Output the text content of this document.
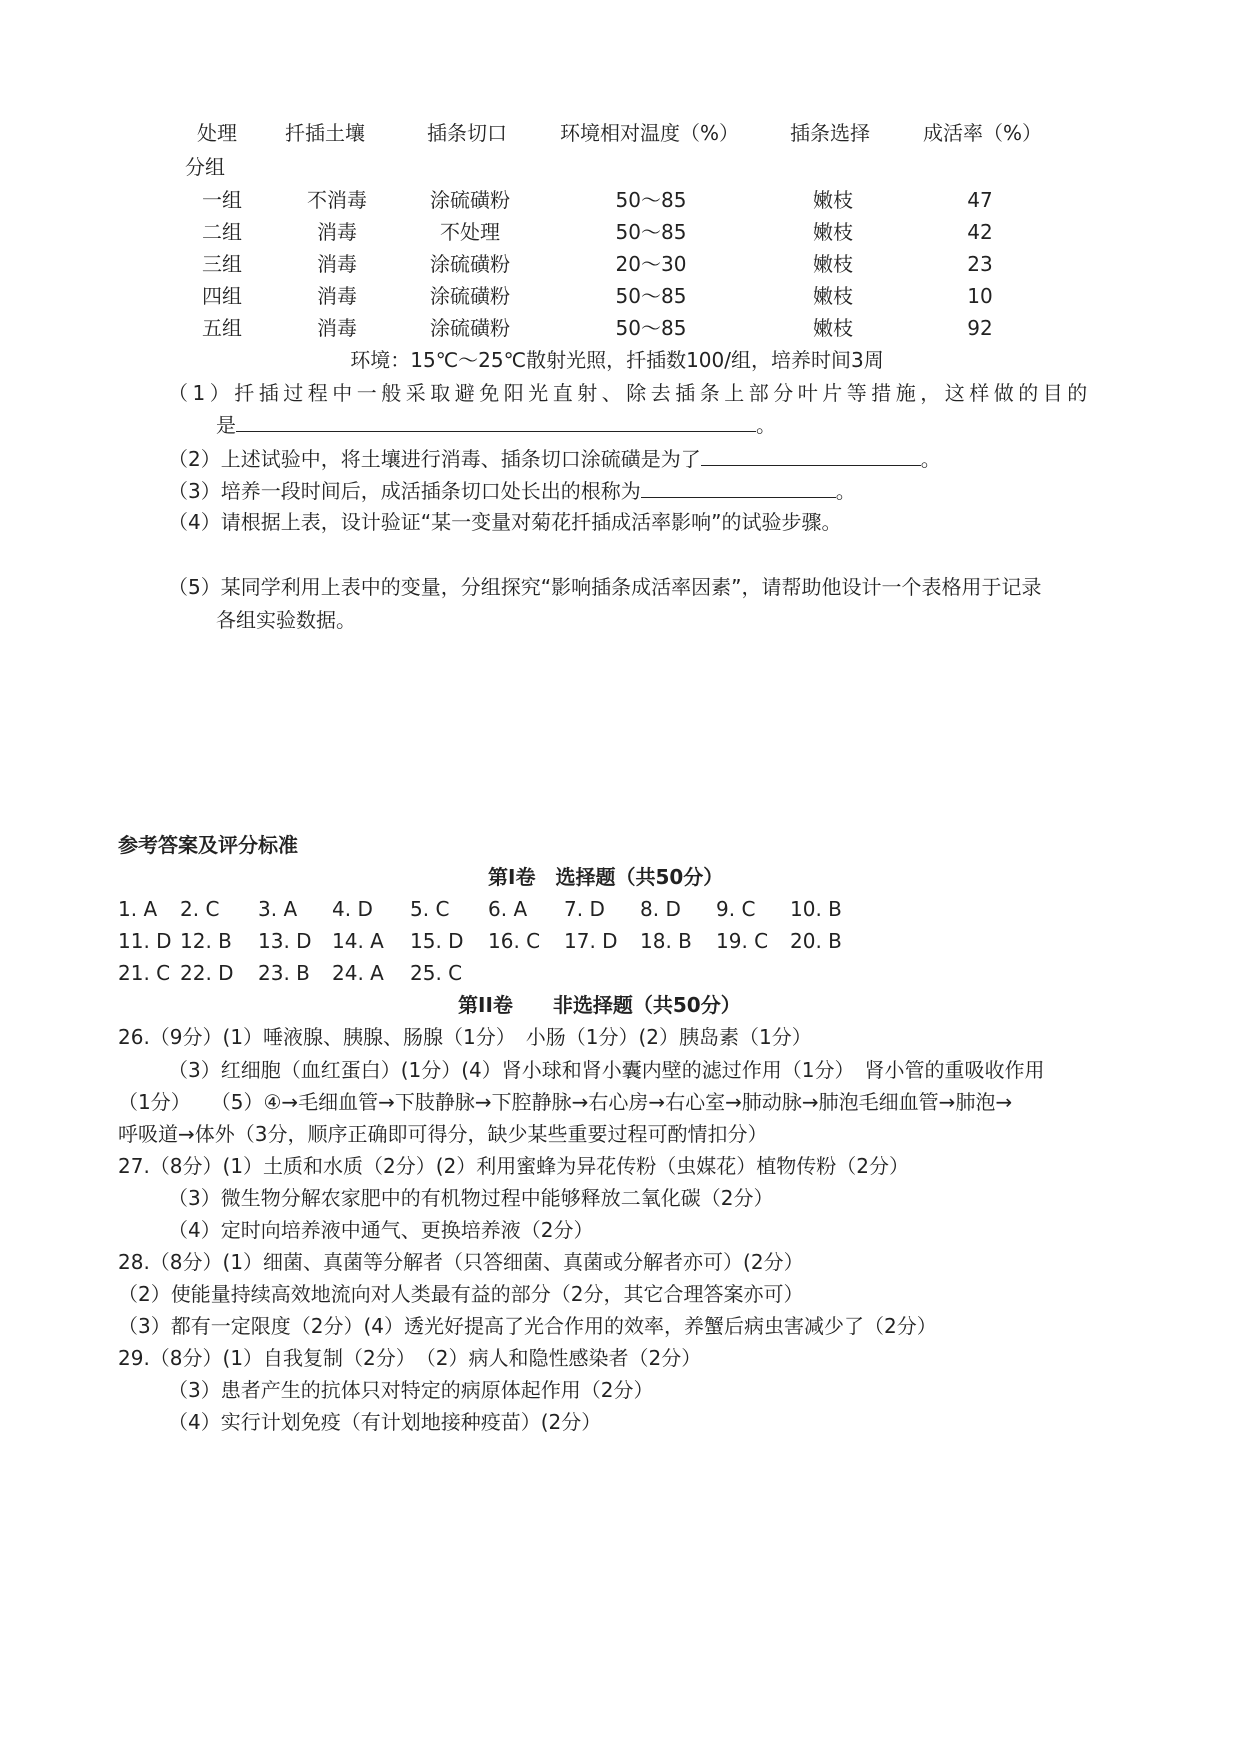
处理 扦插土壤	插条切口	环境相对温度（%）	插条选择	成活率（%）
分组
一组	不消毒	涂硫磺粉	50～85	嫩枝	47
二组	消毒	不处理	50～85	嫩枝	42
三组	消毒	涂硫磺粉	20～30	嫩枝	23
四组	消毒	涂硫磺粉	50～85	嫩枝	10
五组	消毒	涂硫磺粉	50～85	嫩枝	92
环境：15℃～25℃散射光照，扦插数100/组，培养时间3周
（1）扦插过程中一般采取避免阳光直射、除去插条上部分叶片等措施，这样做的目的
是	。
（2）上述试验中，将土壤进行消毒、插条切口涂硫磺是为了	。
（3）培养一段时间后，成活插条切口处长出的根称为	。
（4）请根据上表，设计验证“某一变量对菊花扦插成活率影响”的试验步骤。
（5）某同学利用上表中的变量，分组探究“影响插条成活率因素”，请帮助他设计一个表格用于记录
各组实验数据。
参考答案及评分标准
第Ⅰ卷　选择题（共50分）
1. A 2. C 3. A 4. D 5. C 6. A 7. D 8. D 9. C 10. B
11. D 12. B 13. D 14. A 15. D 16. C 17. D 18. B 19. C 20. B
21. C 22. D 23. B 24. A 25. C
第II卷　　非选择题（共50分）
26.（9分）(1）唾液腺、胰腺、肠腺（1分）　小肠（1分）(2）胰岛素（1分）
（3）红细胞（血红蛋白）(1分）(4）肾小球和肾小囊内壁的滤过作用（1分）　肾小管的重吸收作用
（1分）　　（5）④→毛细血管→下肢静脉→下腔静脉→右心房→右心室→肺动脉→肺泡毛细血管→肺泡→
呼吸道→体外（3分，顺序正确即可得分，缺少某些重要过程可酌情扣分）
27.（8分）(1）土质和水质（2分）(2）利用蜜蜂为异花传粉（虫媒花）植物传粉（2分）
（3）微生物分解农家肥中的有机物过程中能够释放二氧化碳（2分）
（4）定时向培养液中通气、更换培养液（2分）
28.（8分）(1）细菌、真菌等分解者（只答细菌、真菌或分解者亦可）(2分）
（2）使能量持续高效地流向对人类最有益的部分（2分，其它合理答案亦可）
（3）都有一定限度（2分）(4）透光好提高了光合作用的效率，养蟹后病虫害减少了（2分）
29.（8分）(1）自我复制（2分）　（2）病人和隐性感染者（2分）
（3）患者产生的抗体只对特定的病原体起作用（2分）
（4）实行计划免疫（有计划地接种疫苗）(2分）
